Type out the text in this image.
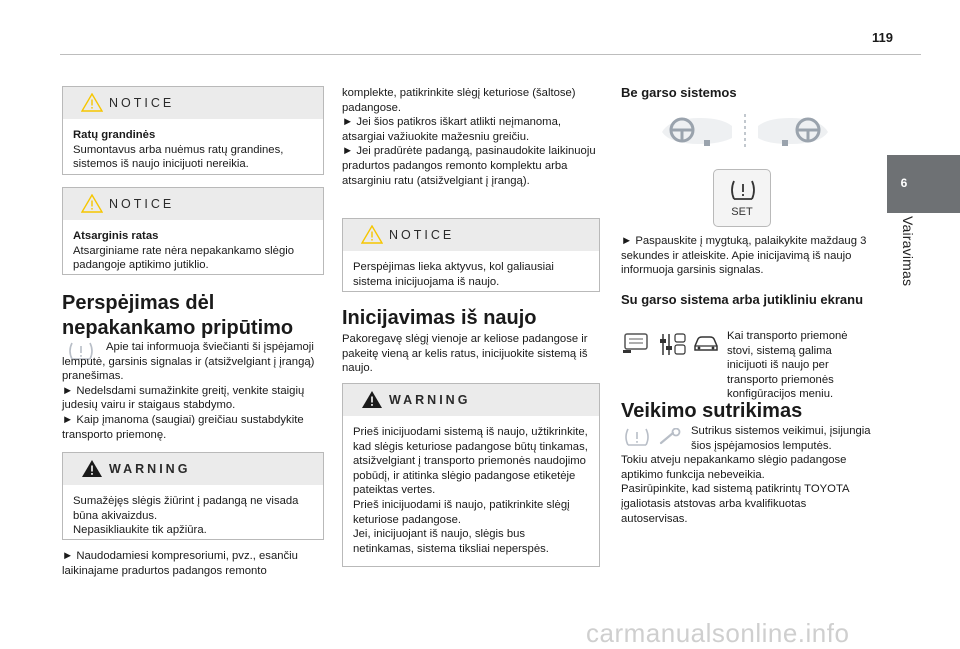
119
6
Vairavimas
NOTICE
Ratų grandinės
Sumontavus arba nuėmus ratų grandines, sistemos iš naujo inicijuoti nereikia.
NOTICE
Atsarginis ratas
Atsarginiame rate nėra nepakankamo slėgio padangoje aptikimo jutiklio.
Perspėjimas dėl nepakankamo pripūtimo

Apie tai informuoja šviečianti ši įspėjamoji lemputė, garsinis signalas ir (atsižvelgiant į įrangą) pranešimas.

► Nedelsdami sumažinkite greitį, venkite staigių judesių vairu ir staigaus stabdymo.

► Kaip įmanoma (saugiai) greičiau sustabdykite transporto priemonę.

WARNING
Sumažėjęs slėgis žiūrint į padangą ne visada būna akivaizdus.
Nepasikliaukite tik apžiūra.
► Naudodamiesi kompresoriumi, pvz., esančiu laikinajame pradurtos padangos remonto

komplekte, patikrinkite slėgį keturiose (šaltose) padangose.

► Jei šios patikros iškart atlikti neįmanoma, atsargiai važiuokite mažesniu greičiu.

► Jei pradūrėte padangą, pasinaudokite laikinuoju pradurtos padangos remonto komplektu arba atsarginiu ratu (atsižvelgiant į įrangą).

NOTICE
Perspėjimas lieka aktyvus, kol galiausiai sistema inicijuojama iš naujo.
Inicijavimas iš naujo
Pakoregavę slėgį vienoje ar keliose padangose ir pakeitę vieną ar kelis ratus, inicijuokite sistemą iš naujo.
WARNING
Prieš inicijuodami sistemą iš naujo, užtikrinkite, kad slėgis keturiose padangose būtų tinkamas, atsižvelgiant į transporto priemonės naudojimo pobūdį, ir atitinka slėgio padangose etiketėje pateiktas vertes.
Prieš inicijuodami iš naujo, patikrinkite slėgį keturiose padangose.
Jei, inicijuojant iš naujo, slėgis bus netinkamas, sistema tiksliai neperspės.
Be garso sistemos
SET
► Paspauskite į mygtuką, palaikykite maždaug 3 sekundes ir atleiskite. Apie inicijavimą iš naujo informuoja garsinis signalas.
Su garso sistema arba jutikliniu ekranu

Kai transporto priemonė stovi, sistemą galima inicijuoti iš naujo per transporto priemonės konfigūracijos meniu.

Veikimo sutrikimas

Sutrikus sistemos veikimui, įsijungia šios įspėjamosios lemputės.

Tokiu atveju nepakankamo slėgio padangose aptikimo funkcija nebeveikia.

Pasirūpinkite, kad sistemą patikrintų TOYOTA įgaliotasis atstovas arba kvalifikuotas autoservisas.

carmanualsonline.info
